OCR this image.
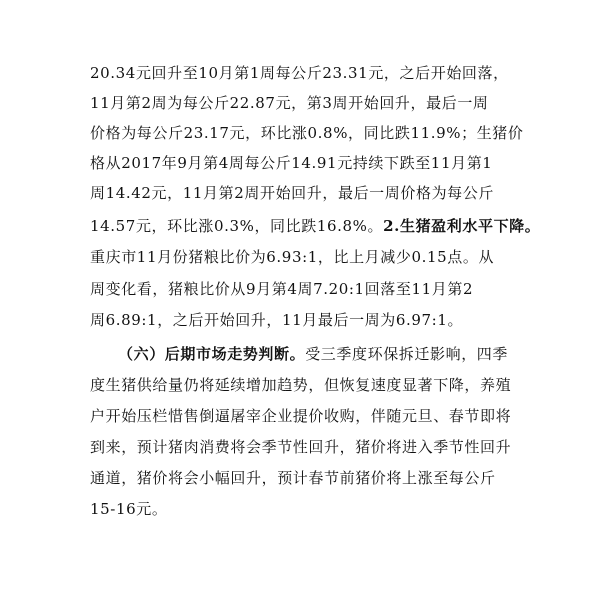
20.34元回升至10月第1周每公斤23.31元，之后开始回落，
11月第2周为每公斤22.87元，第3周开始回升，最后一周
价格为每公斤23.17元，环比涨0.8%，同比跌11.9%；生猪价
格从2017年9月第4周每公斤14.91元持续下跌至11月第1
周14.42元，11月第2周开始回升，最后一周价格为每公斤
14.57元，环比涨0.3%，同比跌16.8%。2.生猪盈利水平下降。
重庆市11月份猪粮比价为6.93:1，比上月减少0.15点。从
周变化看，猪粮比价从9月第4周7.20:1回落至11月第2
周6.89:1，之后开始回升，11月最后一周为6.97:1。
（六）后期市场走势判断。受三季度环保拆迁影响，四季
度生猪供给量仍将延续增加趋势，但恢复速度显著下降，养殖
户开始压栏惜售倒逼屠宰企业提价收购，伴随元旦、春节即将
到来，预计猪肉消费将会季节性回升，猪价将进入季节性回升
通道，猪价将会小幅回升，预计春节前猪价将上涨至每公斤
15-16元。
